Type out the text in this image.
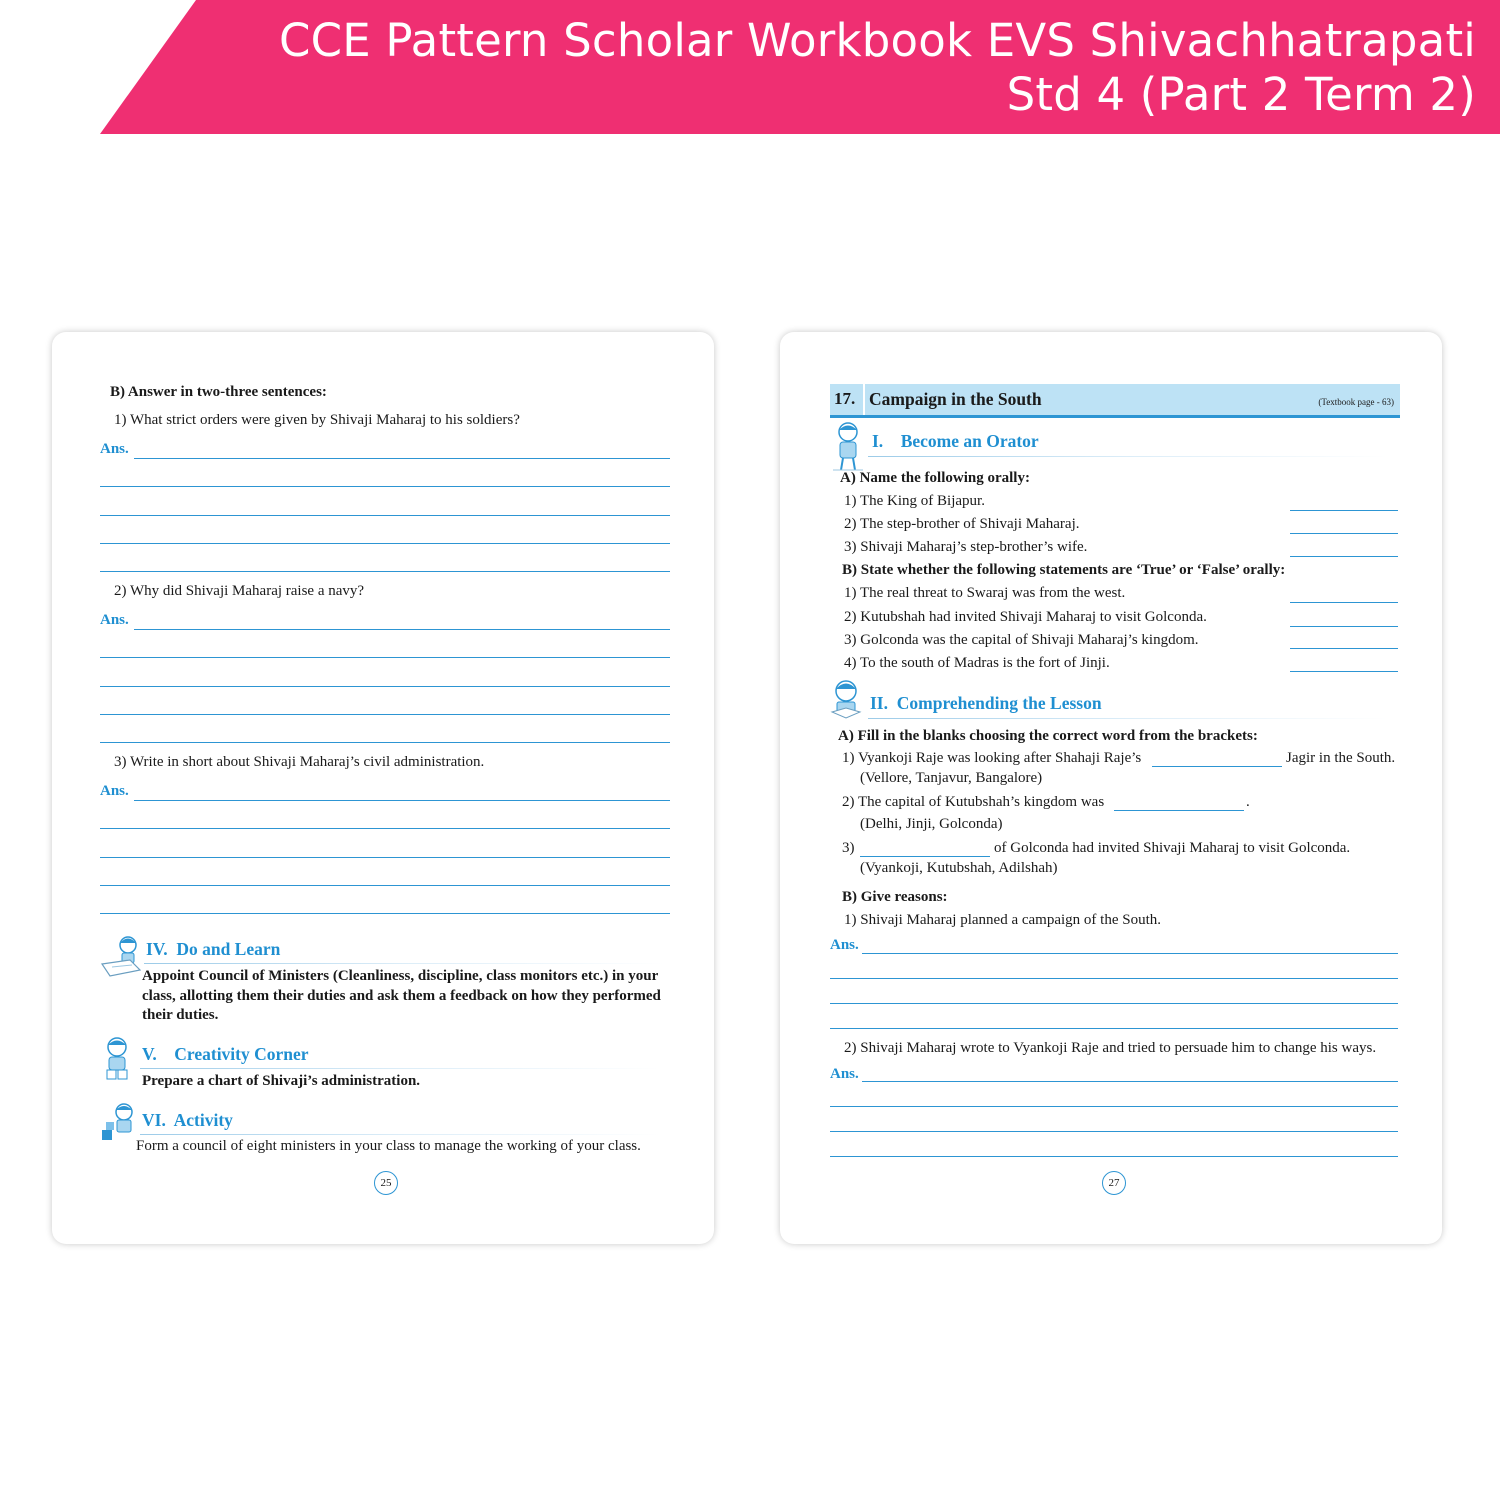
CCE Pattern Scholar Workbook EVS Shivachhatrapati
Std 4 (Part 2 Term 2)
B) Answer in two-three sentences:
1) What strict orders were given by Shivaji Maharaj to his soldiers?
Ans.
2) Why did Shivaji Maharaj raise a navy?
Ans.
3) Write in short about Shivaji Maharaj’s civil administration.
Ans.
IV. Do and Learn
Appoint Council of Ministers (Cleanliness, discipline, class monitors etc.) in your
class, allotting them their duties and ask them a feedback on how they performed
their duties.
V. Creativity Corner
Prepare a chart of Shivaji’s administration.
VI. Activity
Form a council of eight ministers in your class to manage the working of your class.
25
17. Campaign in the South	(Textbook page - 63)
I. Become an Orator
A) Name the following orally:
1) The King of Bijapur.
2) The step-brother of Shivaji Maharaj.
3) Shivaji Maharaj’s step-brother’s wife.
B) State whether the following statements are ‘True’ or ‘False’ orally:
1) The real threat to Swaraj was from the west.
2) Kutubshah had invited Shivaji Maharaj to visit Golconda.
3) Golconda was the capital of Shivaji Maharaj’s kingdom.
4) To the south of Madras is the fort of Jinji.
II. Comprehending the Lesson
A) Fill in the blanks choosing the correct word from the brackets:
1) Vyankoji Raje was looking after Shahaji Raje’s	Jagir in the South.
(Vellore, Tanjavur, Bangalore)
2) The capital of Kutubshah’s kingdom was	.
(Delhi, Jinji, Golconda)
3)	of Golconda had invited Shivaji Maharaj to visit Golconda.
(Vyankoji, Kutubshah, Adilshah)
B) Give reasons:
1) Shivaji Maharaj planned a campaign of the South.
Ans.
2) Shivaji Maharaj wrote to Vyankoji Raje and tried to persuade him to change his ways.
Ans.
27
